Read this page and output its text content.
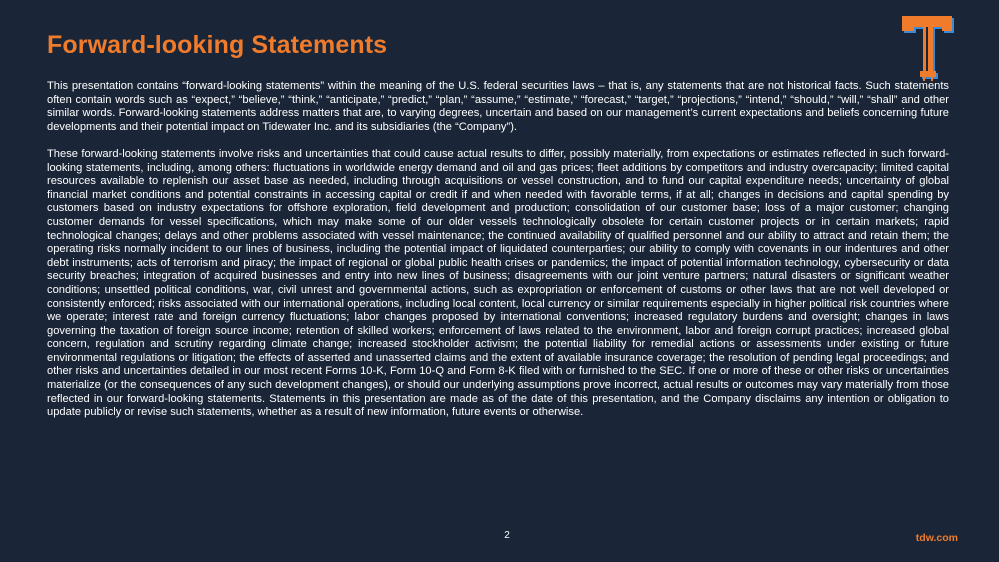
Forward-looking Statements

This presentation contains “forward-looking statements” within the meaning of the U.S. federal securities laws – that is, any statements that are not historical facts. Such statements often contain words such as “expect,” “believe,” “think,” “anticipate,” “predict,” “plan,” “assume,” “estimate,” “forecast,” “target,” “projections,” “intend,” “should,” “will,” “shall” and other similar words. Forward-looking statements address matters that are, to varying degrees, uncertain and based on our management’s current expectations and beliefs concerning future developments and their potential impact on Tidewater Inc. and its subsidiaries (the “Company”).

These forward-looking statements involve risks and uncertainties that could cause actual results to differ, possibly materially, from expectations or estimates reflected in such forward-looking statements, including, among others: fluctuations in worldwide energy demand and oil and gas prices; fleet additions by competitors and industry overcapacity; limited capital resources available to replenish our asset base as needed, including through acquisitions or vessel construction, and to fund our capital expenditure needs; uncertainty of global financial market conditions and potential constraints in accessing capital or credit if and when needed with favorable terms, if at all; changes in decisions and capital spending by customers based on industry expectations for offshore exploration, field development and production; consolidation of our customer base; loss of a major customer; changing customer demands for vessel specifications, which may make some of our older vessels technologically obsolete for certain customer projects or in certain markets; rapid technological changes; delays and other problems associated with vessel maintenance; the continued availability of qualified personnel and our ability to attract and retain them; the operating risks normally incident to our lines of business, including the potential impact of liquidated counterparties; our ability to comply with covenants in our indentures and other debt instruments; acts of terrorism and piracy; the impact of regional or global public health crises or pandemics; the impact of potential information technology, cybersecurity or data security breaches; integration of acquired businesses and entry into new lines of business; disagreements with our joint venture partners; natural disasters or significant weather conditions; unsettled political conditions, war, civil unrest and governmental actions, such as expropriation or enforcement of customs or other laws that are not well developed or consistently enforced; risks associated with our international operations, including local content, local currency or similar requirements especially in higher political risk countries where we operate; interest rate and foreign currency fluctuations; labor changes proposed by international conventions; increased regulatory burdens and oversight; changes in laws governing the taxation of foreign source income; retention of skilled workers; enforcement of laws related to the environment, labor and foreign corrupt practices; increased global concern, regulation and scrutiny regarding climate change; increased stockholder activism; the potential liability for remedial actions or assessments under existing or future environmental regulations or litigation; the effects of asserted and unasserted claims and the extent of available insurance coverage; the resolution of pending legal proceedings; and other risks and uncertainties detailed in our most recent Forms 10-K, Form 10-Q and Form 8-K filed with or furnished to the SEC. If one or more of these or other risks or uncertainties materialize (or the consequences of any such development changes), or should our underlying assumptions prove incorrect, actual results or outcomes may vary materially from those reflected in our forward-looking statements. Statements in this presentation are made as of the date of this presentation, and the Company disclaims any intention or obligation to update publicly or revise such statements, whether as a result of new information, future events or otherwise.

2	tdw.com
